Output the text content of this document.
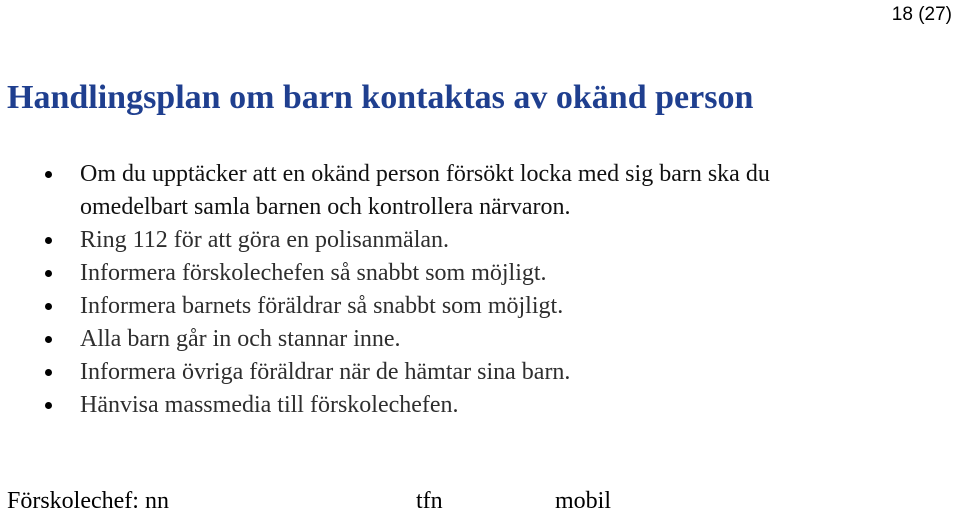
18 (27)
Handlingsplan om barn kontaktas av okänd person
Om du upptäcker att en okänd person försökt locka med sig barn ska du
omedelbart samla barnen och kontrollera närvaron.
Ring 112 för att göra en polisanmälan.
Informera förskolechefen så snabbt som möjligt.
Informera barnets föräldrar så snabbt som möjligt.
Alla barn går in och stannar inne.
Informera övriga föräldrar när de hämtar sina barn.
Hänvisa massmedia till förskolechefen.
Förskolechef: nn	tfn	mobil
